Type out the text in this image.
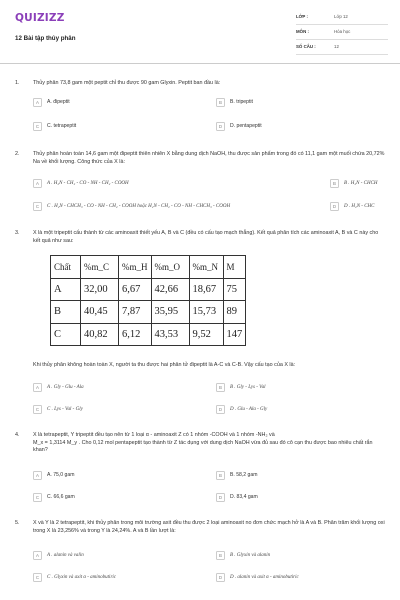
QUIZIZZ
12 Bài tập thủy phân
LỚP :	Lớp 12
MÔN :	Hóa học
SỐ CÂU :	12
1.	Thủy phân 73,8 gam một peptit chỉ thu được 90 gam Glyxin. Peptit ban đầu là:
A	A. đipeptit	B	B. tripeptit
C	C. tetrapeptit	D	D. pentapeptit
2.	Thủy phân hoàn toàn 14,6 gam một đipeptit thiên nhiên X bằng dung dịch NaOH, thu được sản phẩm trong đó có 11,1 gam một muối chứa 20,72% Na về khối lượng. Công thức của X là:
A	A . H₂N - CH₂ - CO - NH - CH₂ - COOH	B	B . H₂N - CHCH
C	C . H₂N - CHCH₃ - CO - NH - CH₂ - COOH hoặc H₂N - CH₂ - CO - NH - CHCH₃ - COOH	D	D . H₂N - CHC
3.	X là một tripeptit cấu thành từ các aminoaxit thiết yếu A, B và C (đều có cấu tạo mạch thẳng). Kết quả phân tích các aminoaxit A, B và C này cho kết quả như sau:
Chất	%m_C	%m_H	%m_O	%m_N	M
A	32,00	6,67	42,66	18,67	75
B	40,45	7,87	35,95	15,73	89
C	40,82	6,12	43,53	9,52	147
Khi thủy phân không hoàn toàn X, người ta thu được hai phân tử đipeptit là A-C và C-B. Vậy cấu tạo của X là:
A	A . Gly - Glu - Ala	B	B . Gly - Lys - Val
C	C . Lys - Val - Gly	D	D . Glu - Ala - Gly
4.	X là tetrapeptit, Y tripeptit đều tạo nên từ 1 loại α - aminoaxit Z có 1 nhóm -COOH và 1 nhóm -NH₂ và
M_x = 1,3114 M_y . Cho 0,12 mol pentapeptit tạo thành từ Z tác dụng với dung dịch NaOH vừa đủ sau đó cô cạn thu được bao nhiêu chất rắn khan?
A	A. 75,0 gam	B	B. 58,2 gam
C	C. 66,6 gam	D	D. 83,4 gam
5.	X và Y là 2 tetrapeptit, khi thủy phân trong môi trường axit đều thu được 2 loại aminoaxit no đơn chức mạch hở là A và B. Phân trăm khối lượng oxi trong X là 23,256% và trong Y là 24,24%. A và B lần lượt là:
A	A . alanin và valin	B	B . Glyxin và alanin
C	C . Glyxin và axit α - aminobutiric	D	D . alanin và axit α - aminobutiric
